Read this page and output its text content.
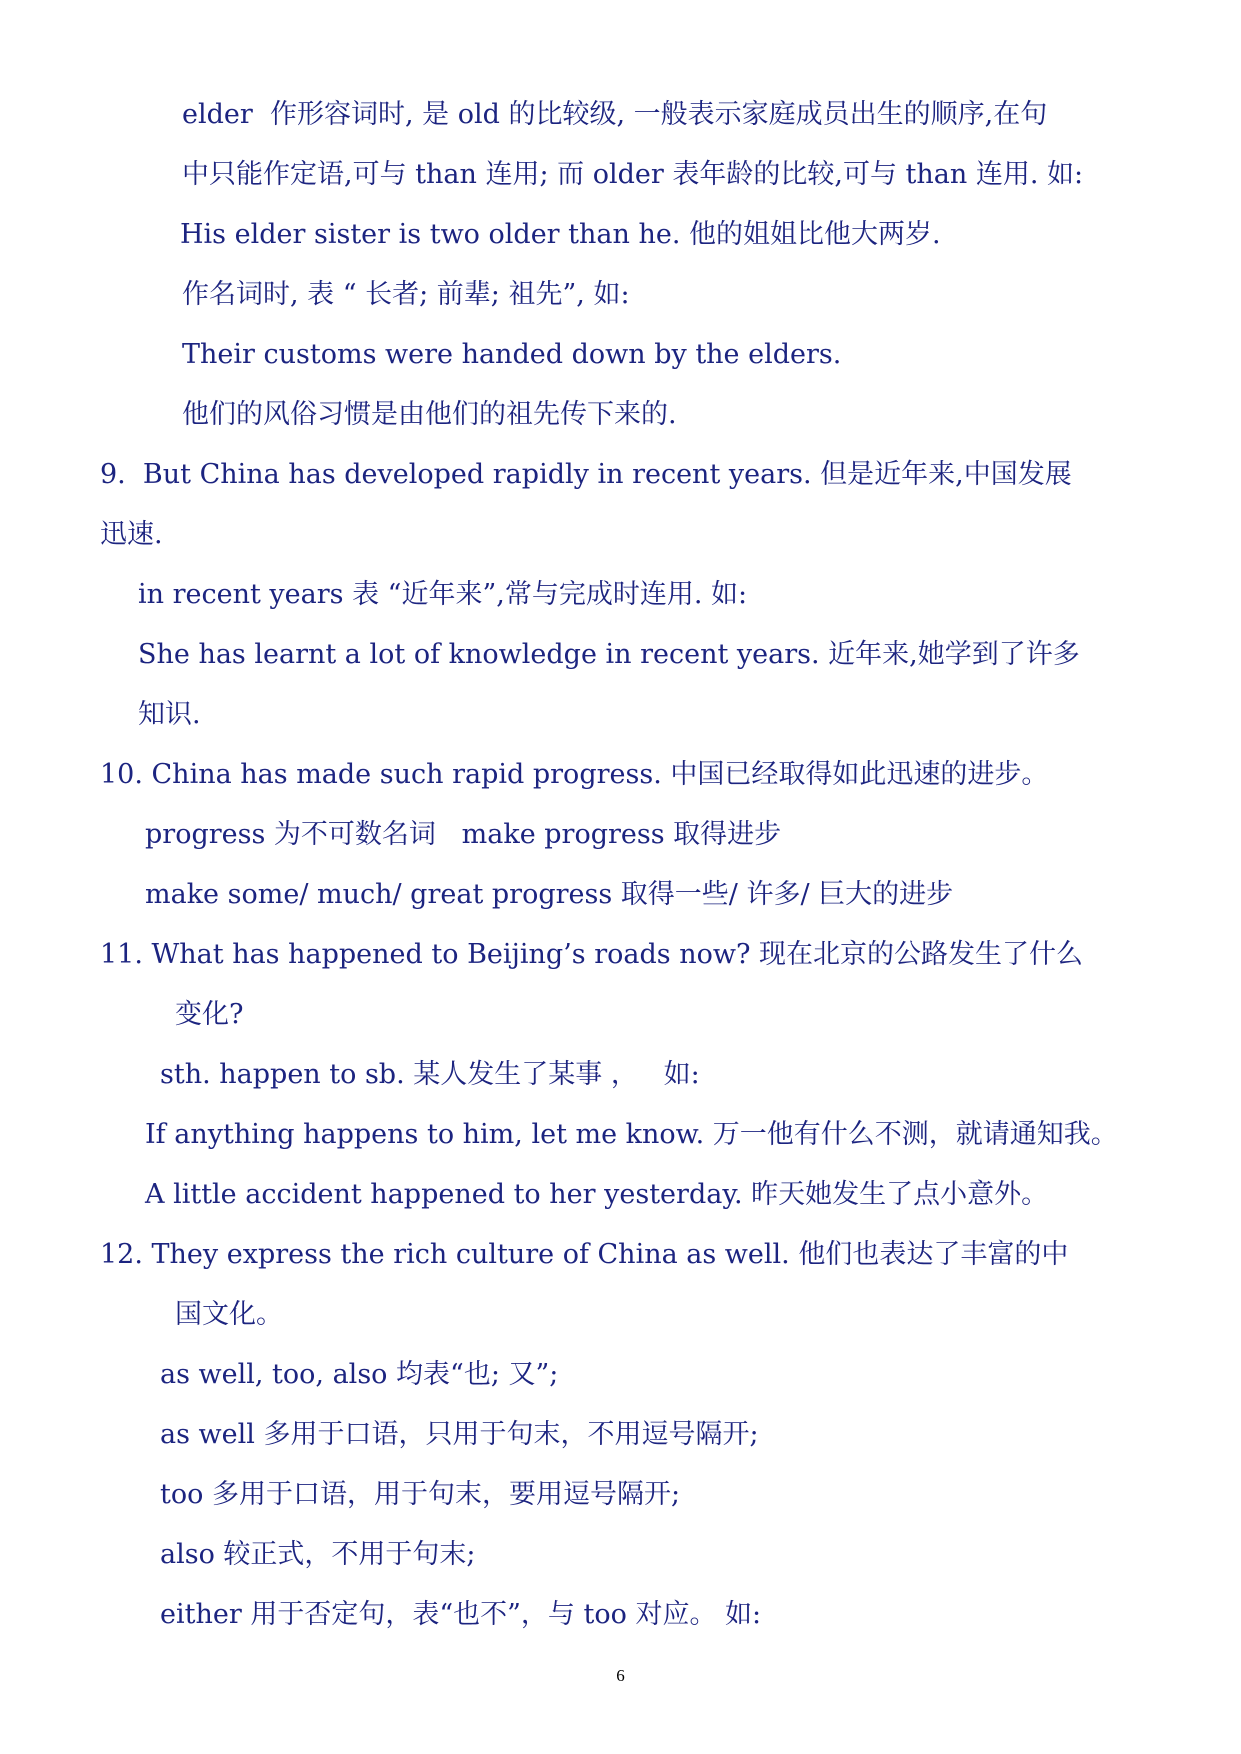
elder  作形容词时, 是 old 的比较级, 一般表示家庭成员出生的顺序,在句
中只能作定语,可与 than 连用; 而 older 表年龄的比较,可与 than 连用. 如:
His elder sister is two older than he. 他的姐姐比他大两岁.
作名词时, 表 “ 长者; 前辈; 祖先”, 如:
Their customs were handed down by the elders.
他们的风俗习惯是由他们的祖先传下来的.
9.  But China has developed rapidly in recent years. 但是近年来,中国发展
迅速.
in recent years 表 “近年来”,常与完成时连用. 如:
She has learnt a lot of knowledge in recent years. 近年来,她学到了许多
知识.
10. China has made such rapid progress. 中国已经取得如此迅速的进步。
progress 为不可数名词   make progress 取得进步
make some/ much/ great progress 取得一些/ 许多/ 巨大的进步
11. What has happened to Beijing’s roads now? 现在北京的公路发生了什么
变化?
sth. happen to sb. 某人发生了某事 ，   如:
If anything happens to him, let me know. 万一他有什么不测，就请通知我。
A little accident happened to her yesterday. 昨天她发生了点小意外。
12. They express the rich culture of China as well. 他们也表达了丰富的中
国文化。
as well, too, also 均表“也; 又”;
as well 多用于口语，只用于句末，不用逗号隔开;
too 多用于口语，用于句末，要用逗号隔开;
also 较正式，不用于句末;
either 用于否定句，表“也不”，与 too 对应。 如:
6
